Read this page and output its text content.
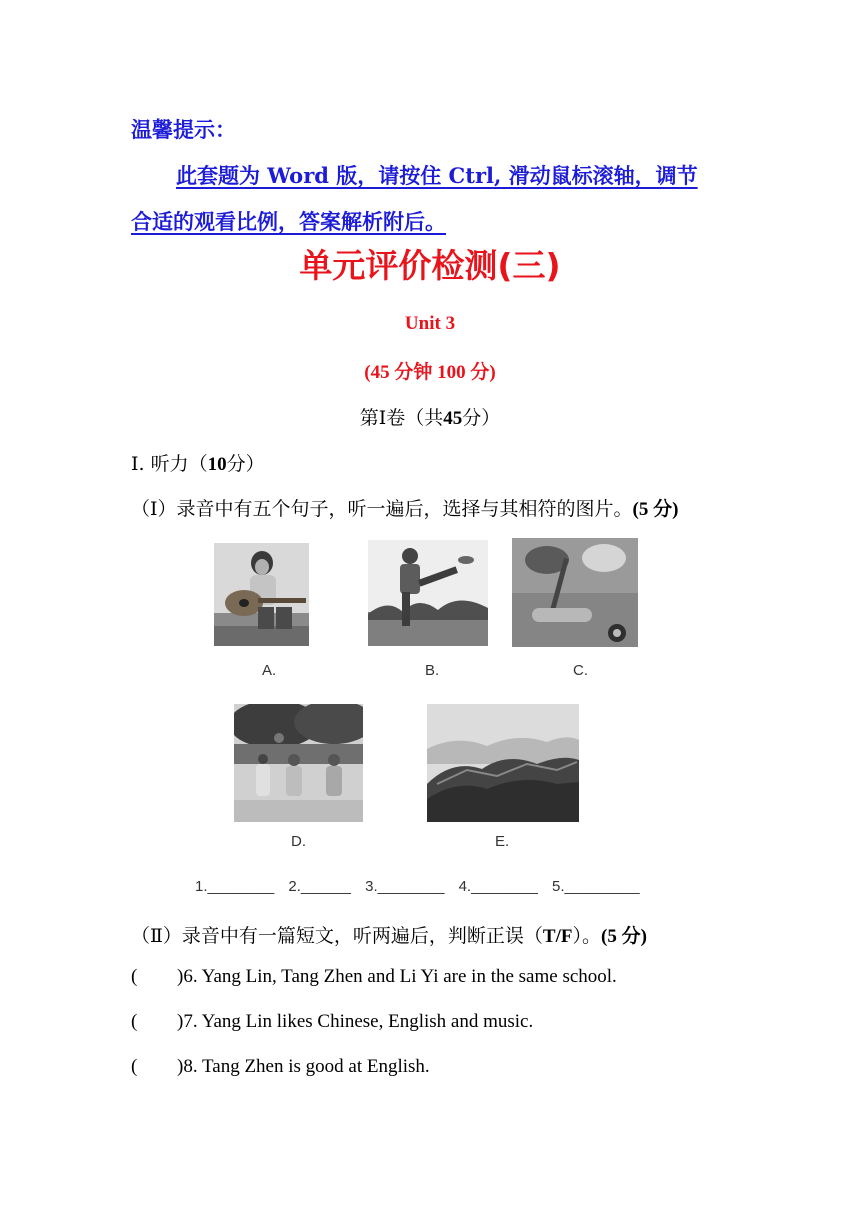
温馨提示：
此套题为 Word 版，请按住 Ctrl, 滑动鼠标滚轴，调节
合适的观看比例，答案解析附后。
单元评价检测(三)
Unit 3
(45 分钟 100 分)
第Ⅰ卷（共45分）
Ⅰ. 听力（10分）
（Ⅰ）录音中有五个句子，听一遍后，选择与其相符的图片。(5 分)
A.	B.	C.
D.	E.
1.________ 2.______ 3.________ 4.________ 5._________
（Ⅱ）录音中有一篇短文，听两遍后，判断正误（T/F）。(5 分)
( )6. Yang Lin, Tang Zhen and Li Yi are in the same school.
( )7. Yang Lin likes Chinese, English and music.
( )8. Tang Zhen is good at English.
